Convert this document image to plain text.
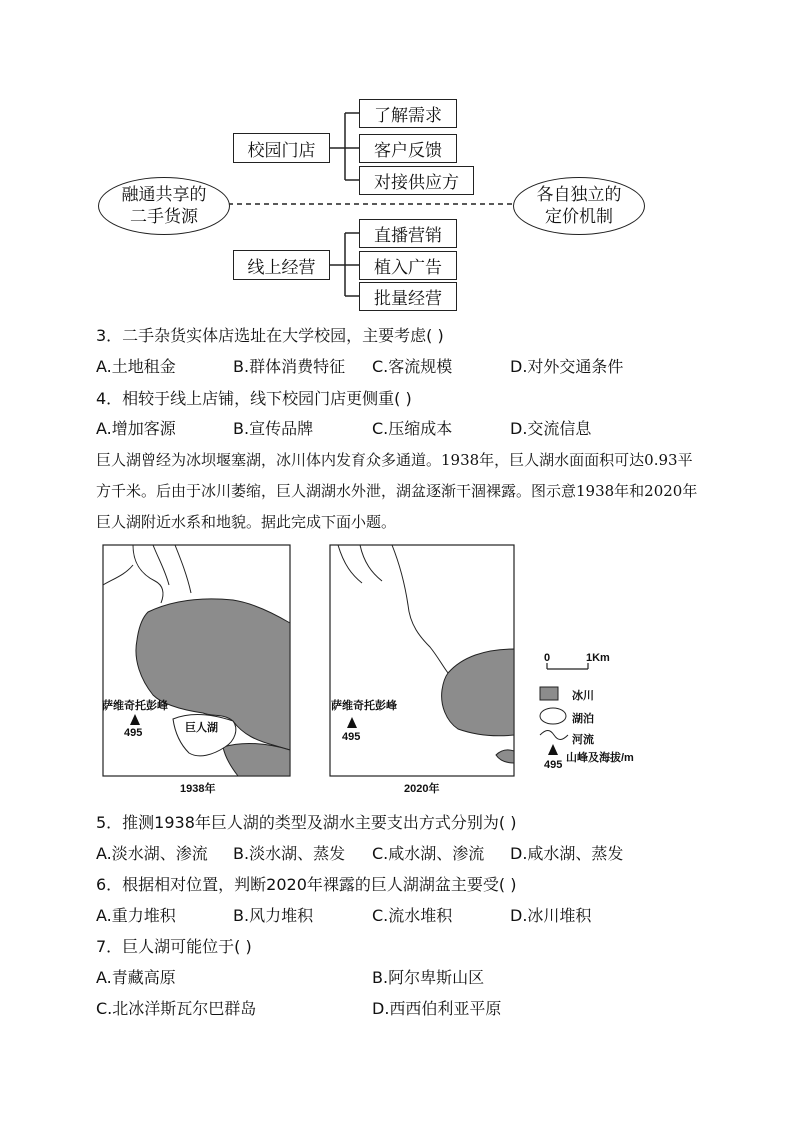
融通共享的
二手货源
各自独立的
定价机制
校园门店
了解需求
客户反馈
对接供应方
线上经营
直播营销
植入广告
批量经营
3．二手杂货实体店选址在大学校园，主要考虑( )
A.土地租金	B.群体消费特征 C.客流规模	D.对外交通条件
4．相较于线上店铺，线下校园门店更侧重( )
A.增加客源	B.宣传品牌	C.压缩成本	D.交流信息
巨人湖曾经为冰坝堰塞湖，冰川体内发育众多通道。1938年，巨人湖水面面积可达0.93平方千米。后由于冰川萎缩，巨人湖湖水外泄，湖盆逐渐干涸裸露。图示意1938年和2020年巨人湖附近水系和地貌。据此完成下面小题。
萨维奇托彭峰
495	巨人湖
1938年
萨维奇托彭峰
495
2020年
0	1Km
冰川
湖泊
河流
山峰及海拔/m
495
5．推测1938年巨人湖的类型及湖水主要支出方式分别为( )
A.淡水湖、渗流 B.淡水湖、蒸发 C.咸水湖、渗流 D.咸水湖、蒸发
6．根据相对位置，判断2020年裸露的巨人湖湖盆主要受( )
A.重力堆积	B.风力堆积	C.流水堆积	D.冰川堆积
7．巨人湖可能位于( )
A.青藏高原	B.阿尔卑斯山区
C.北冰洋斯瓦尔巴群岛	D.西西伯利亚平原
